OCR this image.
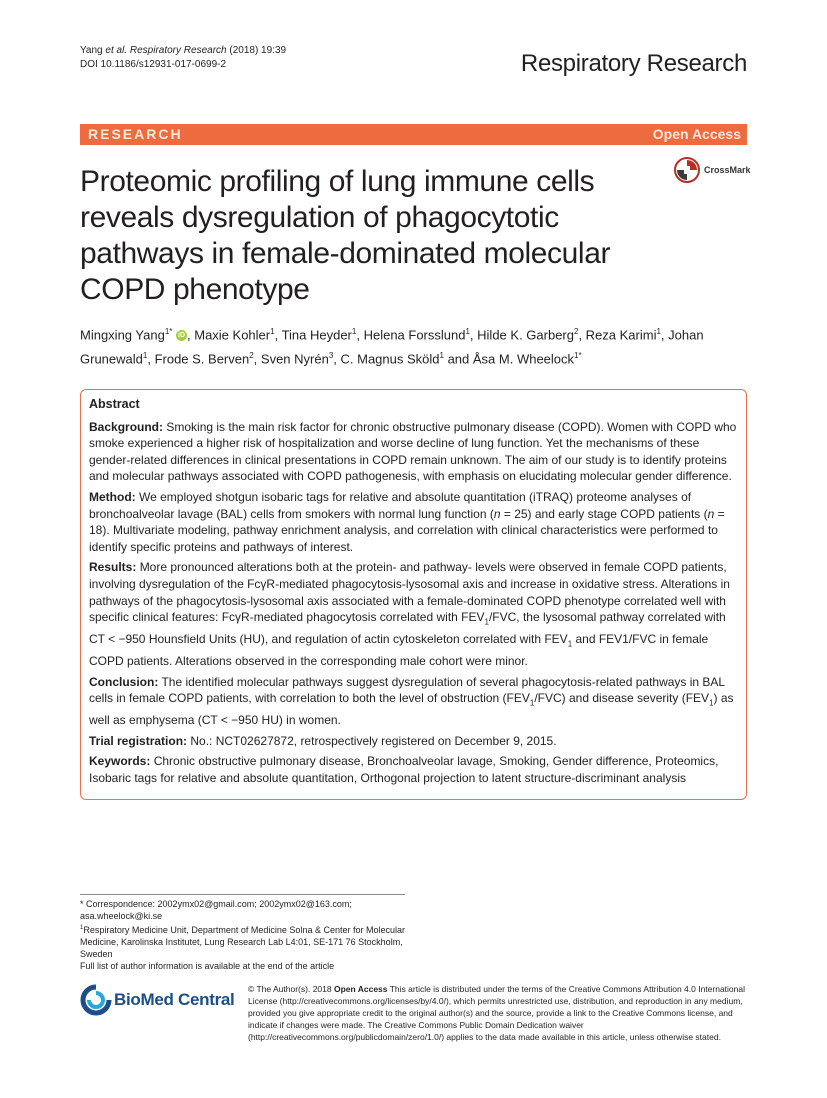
Yang et al. Respiratory Research (2018) 19:39
DOI 10.1186/s12931-017-0699-2	Respiratory Research
RESEARCH	Open Access
Proteomic profiling of lung immune cells reveals dysregulation of phagocytotic pathways in female-dominated molecular COPD phenotype
CrossMark
Mingxing Yang$^{1*}$ iD , Maxie Kohler$^1$, Tina Heyder$^1$, Helena Forsslund$^1$, Hilde K. Garberg$^2$, Reza Karimi$^1$, Johan Grunewald$^1$, Frode S. Berven$^2$, Sven Nyrén$^3$, C. Magnus Sköld$^1$ and Åsa M. Wheelock$^{1*}$
Abstract

Background: Smoking is the main risk factor for chronic obstructive pulmonary disease (COPD). Women with COPD who smoke experienced a higher risk of hospitalization and worse decline of lung function. Yet the mechanisms of these gender-related differences in clinical presentations in COPD remain unknown. The aim of our study is to identify proteins and molecular pathways associated with COPD pathogenesis, with emphasis on elucidating molecular gender difference.

Method: We employed shotgun isobaric tags for relative and absolute quantitation (iTRAQ) proteome analyses of bronchoalveolar lavage (BAL) cells from smokers with normal lung function (n = 25) and early stage COPD patients (n = 18). Multivariate modeling, pathway enrichment analysis, and correlation with clinical characteristics were performed to identify specific proteins and pathways of interest.

Results: More pronounced alterations both at the protein- and pathway- levels were observed in female COPD patients, involving dysregulation of the FcγR-mediated phagocytosis-lysosomal axis and increase in oxidative stress. Alterations in pathways of the phagocytosis-lysosomal axis associated with a female-dominated COPD phenotype correlated well with specific clinical features: FcγR-mediated phagocytosis correlated with $FEV_1$/FVC, the lysosomal pathway correlated with CT < −950 Hounsfield Units (HU), and regulation of actin cytoskeleton correlated with $FEV_1$ and FEV1/FVC in female COPD patients. Alterations observed in the corresponding male cohort were minor.

Conclusion: The identified molecular pathways suggest dysregulation of several phagocytosis-related pathways in BAL cells in female COPD patients, with correlation to both the level of obstruction $(FEV_1/FVC)$ and disease severity $(FEV_1)$ as well as emphysema (CT < −950 HU) in women.

Trial registration: No.: NCT02627872, retrospectively registered on December 9, 2015.

Keywords: Chronic obstructive pulmonary disease, Bronchoalveolar lavage, Smoking, Gender difference, Proteomics, Isobaric tags for relative and absolute quantitation, Orthogonal projection to latent structure-discriminant analysis

* Correspondence: 2002ymx02@gmail.com; 2002ymx02@163.com;
asa.wheelock@ki.se
$^1$Respiratory Medicine Unit, Department of Medicine Solna & Center for Molecular Medicine, Karolinska Institutet, Lung Research Lab L4:01, SE-171 76 Stockholm, Sweden
Full list of author information is available at the end of the article
BioMed Central
© The Author(s). 2018 Open Access This article is distributed under the terms of the Creative Commons Attribution 4.0 International License (http://creativecommons.org/licenses/by/4.0/), which permits unrestricted use, distribution, and reproduction in any medium, provided you give appropriate credit to the original author(s) and the source, provide a link to the Creative Commons license, and indicate if changes were made. The Creative Commons Public Domain Dedication waiver (http://creativecommons.org/publicdomain/zero/1.0/) applies to the data made available in this article, unless otherwise stated.
